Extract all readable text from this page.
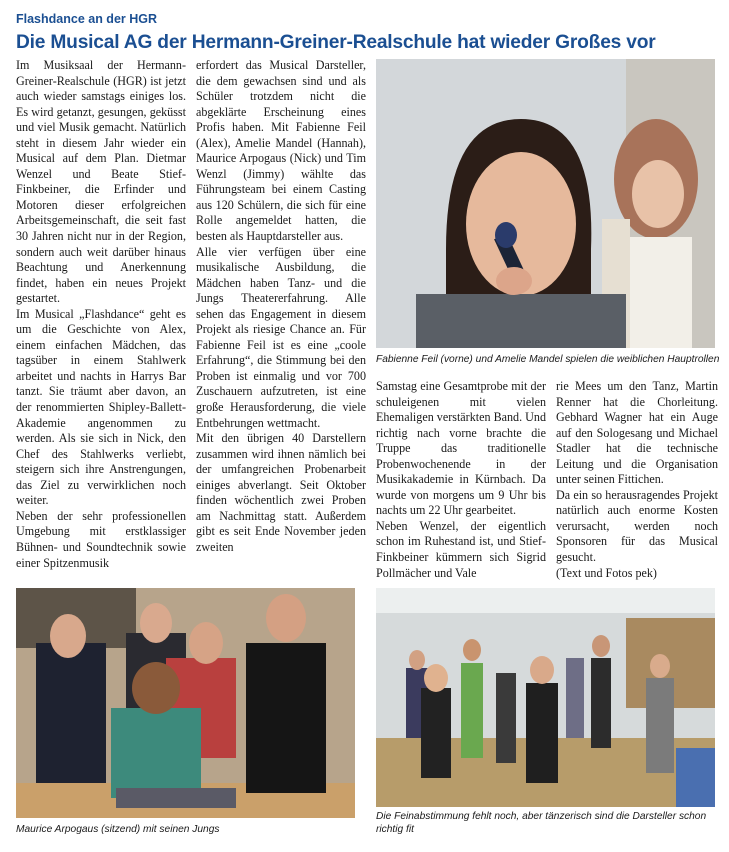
Flashdance an der HGR
Die Musical AG der Hermann-Greiner-Realschule hat wieder Großes vor

Im Musiksaal der Hermann-Greiner-Realschule (HGR) ist jetzt auch wieder samstags einiges los. Es wird getanzt, gesungen, geküsst und viel Musik gemacht. Natürlich steht in diesem Jahr wieder ein Musical auf dem Plan. Dietmar Wenzel und Beate Stief-Finkbeiner, die Erfinder und Motoren dieser erfolgreichen Arbeitsgemeinschaft, die seit fast 30 Jahren nicht nur in der Region, sondern auch weit darüber hinaus Beachtung und Anerkennung findet, haben ein neues Projekt gestartet.

Im Musical „Flashdance“ geht es um die Geschichte von Alex, einem einfachen Mädchen, das tagsüber in einem Stahlwerk arbeitet und nachts in Harrys Bar tanzt. Sie träumt aber davon, an der renommierten Shipley-Ballett-Akademie angenommen zu werden. Als sie sich in Nick, den Chef des Stahlwerks verliebt, steigern sich ihre Anstrengungen, das Ziel zu verwirklichen noch weiter.

Neben der sehr professionellen Umgebung mit erstklassiger Bühnen- und Soundtechnik sowie einer Spitzenmusik

erfordert das Musical Darsteller, die dem gewachsen sind und als Schüler trotzdem nicht die abgeklärte Erscheinung eines Profis haben. Mit Fabienne Feil (Alex), Amelie Mandel (Hannah), Maurice Arpogaus (Nick) und Tim Wenzl (Jimmy) wählte das Führungsteam bei einem Casting aus 120 Schülern, die sich für eine Rolle angemeldet hatten, die besten als Hauptdarsteller aus.

Alle vier verfügen über eine musikalische Ausbildung, die Mädchen haben Tanz- und die Jungs Theatererfahrung. Alle sehen das Engagement in diesem Projekt als riesige Chance an. Für Fabienne Feil ist es eine „coole Erfahrung“, die Stimmung bei den Proben ist einmalig und vor 700 Zuschauern aufzutreten, ist eine große Herausforderung, die viele Entbehrungen wettmacht.

Mit den übrigen 40 Darstellern zusammen wird ihnen nämlich bei der umfangreichen Probenarbeit einiges abverlangt. Seit Oktober finden wöchentlich zwei Proben am Nachmittag statt. Außerdem gibt es seit Ende November jeden zweiten

Fabienne Feil (vorne) und Amelie Mandel spielen die weiblichen Hauptrollen

Samstag eine Gesamtprobe mit der schuleigenen mit vielen Ehemaligen verstärkten Band. Und richtig nach vorne brachte die Truppe das traditionelle Probenwochenende in der Musikakademie in Kürnbach. Da wurde von morgens um 9 Uhr bis nachts um 22 Uhr gearbeitet.

Neben Wenzel, der eigentlich schon im Ruhestand ist, und Stief-Finkbeiner kümmern sich Sigrid Pollmächer und Vale

rie Mees um den Tanz, Martin Renner hat die Chorleitung. Gebhard Wagner hat ein Auge auf den Sologesang und Michael Stadler hat die technische Leitung und die Organisation unter seinen Fittichen.

Da ein so herausragendes Projekt natürlich auch enorme Kosten verursacht, werden noch Sponsoren für das Musical gesucht.

(Text und Fotos pek)

Maurice Arpogaus (sitzend) mit seinen Jungs
Die Feinabstimmung fehlt noch, aber tänzerisch sind die Darsteller schon richtig fit
